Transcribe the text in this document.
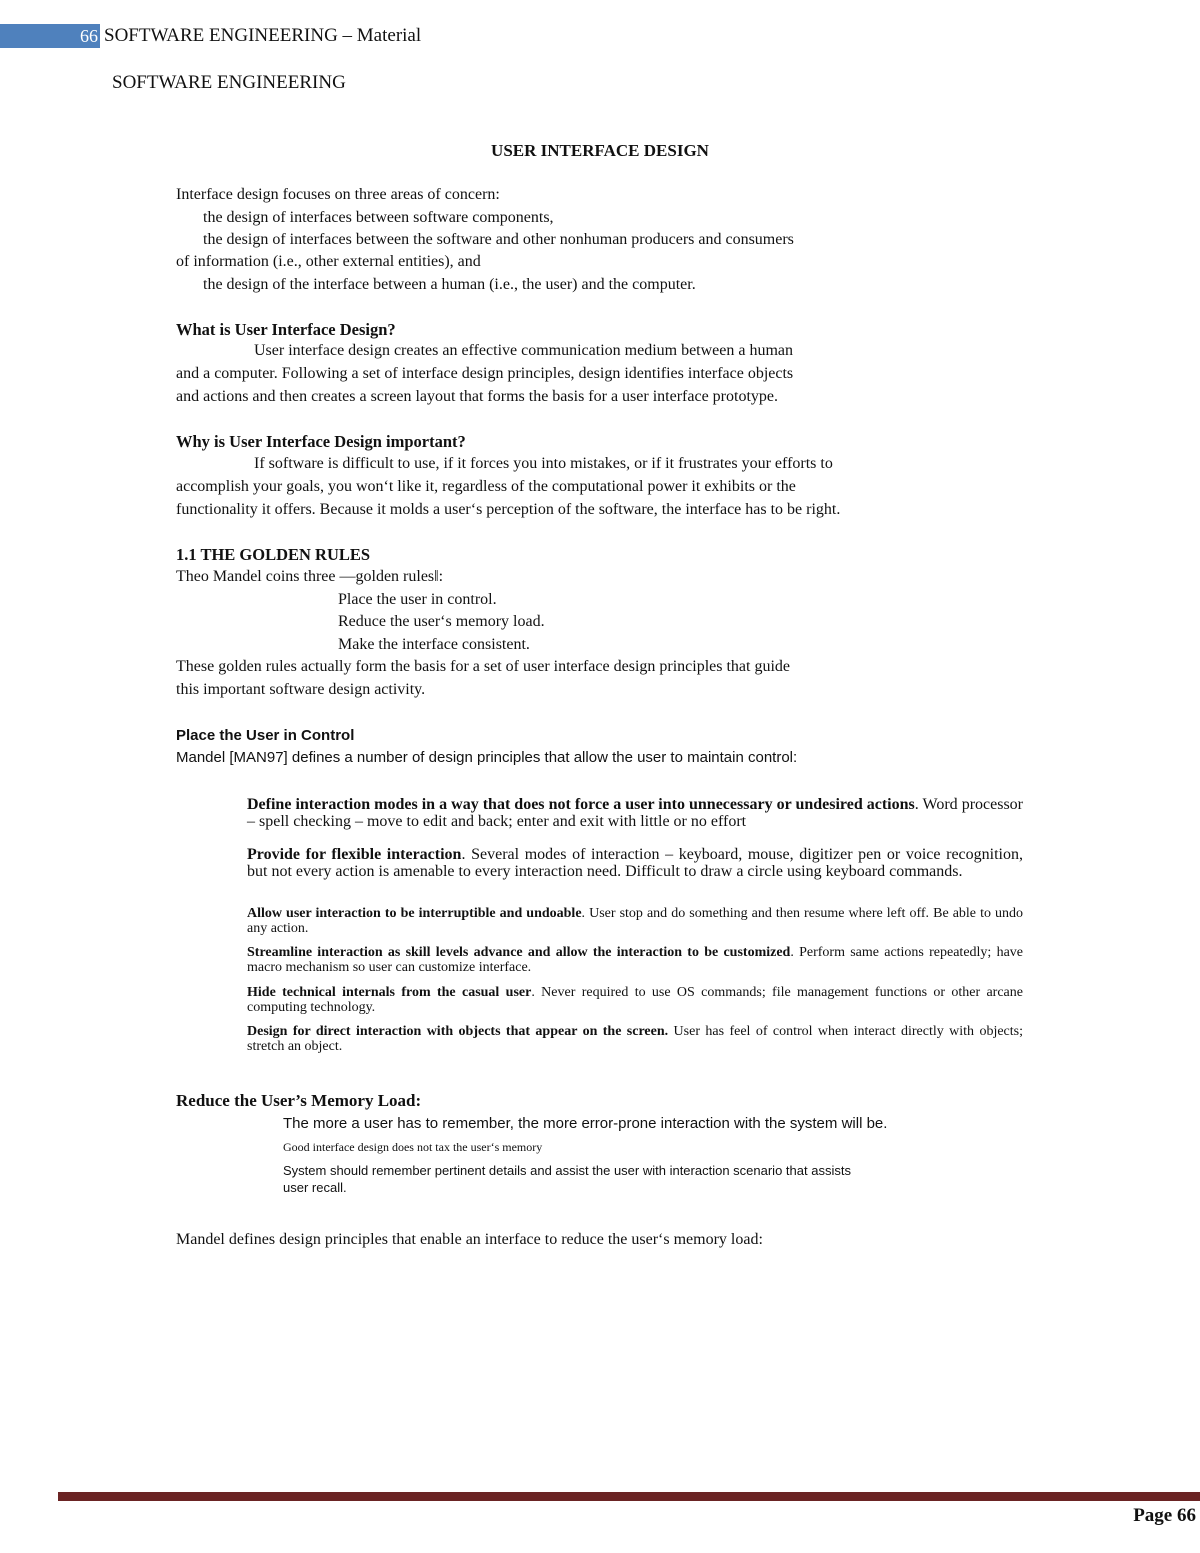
66 SOFTWARE ENGINEERING – Material
SOFTWARE ENGINEERING
USER INTERFACE DESIGN
Interface design focuses on three areas of concern:
the design of interfaces between software components,
the design of interfaces between the software and other nonhuman producers and consumers
of information (i.e., other external entities), and
the design of the interface between a human (i.e., the user) and the computer.
What is User Interface Design?
User interface design creates an effective communication medium between a human
and a computer. Following a set of interface design principles, design identifies interface objects
and actions and then creates a screen layout that forms the basis for a user interface prototype.
Why is User Interface Design important?
If software is difficult to use, if it forces you into mistakes, or if it frustrates your efforts to
accomplish your goals, you won‘t like it, regardless of the computational power it exhibits or the
functionality it offers. Because it molds a user‘s perception of the software, the interface has to be right.
1.1 THE GOLDEN RULES
Theo Mandel coins three ―golden rules‖:
Place the user in control.
Reduce the user‘s memory load.
Make the interface consistent.
These golden rules actually form the basis for a set of user interface design principles that guide
this important software design activity.
Place the User in Control
Mandel [MAN97] defines a number of design principles that allow the user to maintain control:
Define interaction modes in a way that does not force a user into unnecessary or undesired actions. Word processor – spell checking – move to edit and back; enter and exit with little or no effort
Provide for flexible interaction. Several modes of interaction – keyboard, mouse, digitizer pen or voice recognition, but not every action is amenable to every interaction need. Difficult to draw a circle using keyboard commands.
Allow user interaction to be interruptible and undoable. User stop and do something and then resume where left off. Be able to undo any action.
Streamline interaction as skill levels advance and allow the interaction to be customized. Perform same actions repeatedly; have macro mechanism so user can customize interface.
Hide technical internals from the casual user. Never required to use OS commands; file management functions or other arcane computing technology.
Design for direct interaction with objects that appear on the screen. User has feel of control when interact directly with objects; stretch an object.
Reduce the User’s Memory Load:
The more a user has to remember, the more error-prone interaction with the system will be.
Good interface design does not tax the user‘s memory
System should remember pertinent details and assist the user with interaction scenario that assists
user recall.
Mandel defines design principles that enable an interface to reduce the user‘s memory load:
Page 66
